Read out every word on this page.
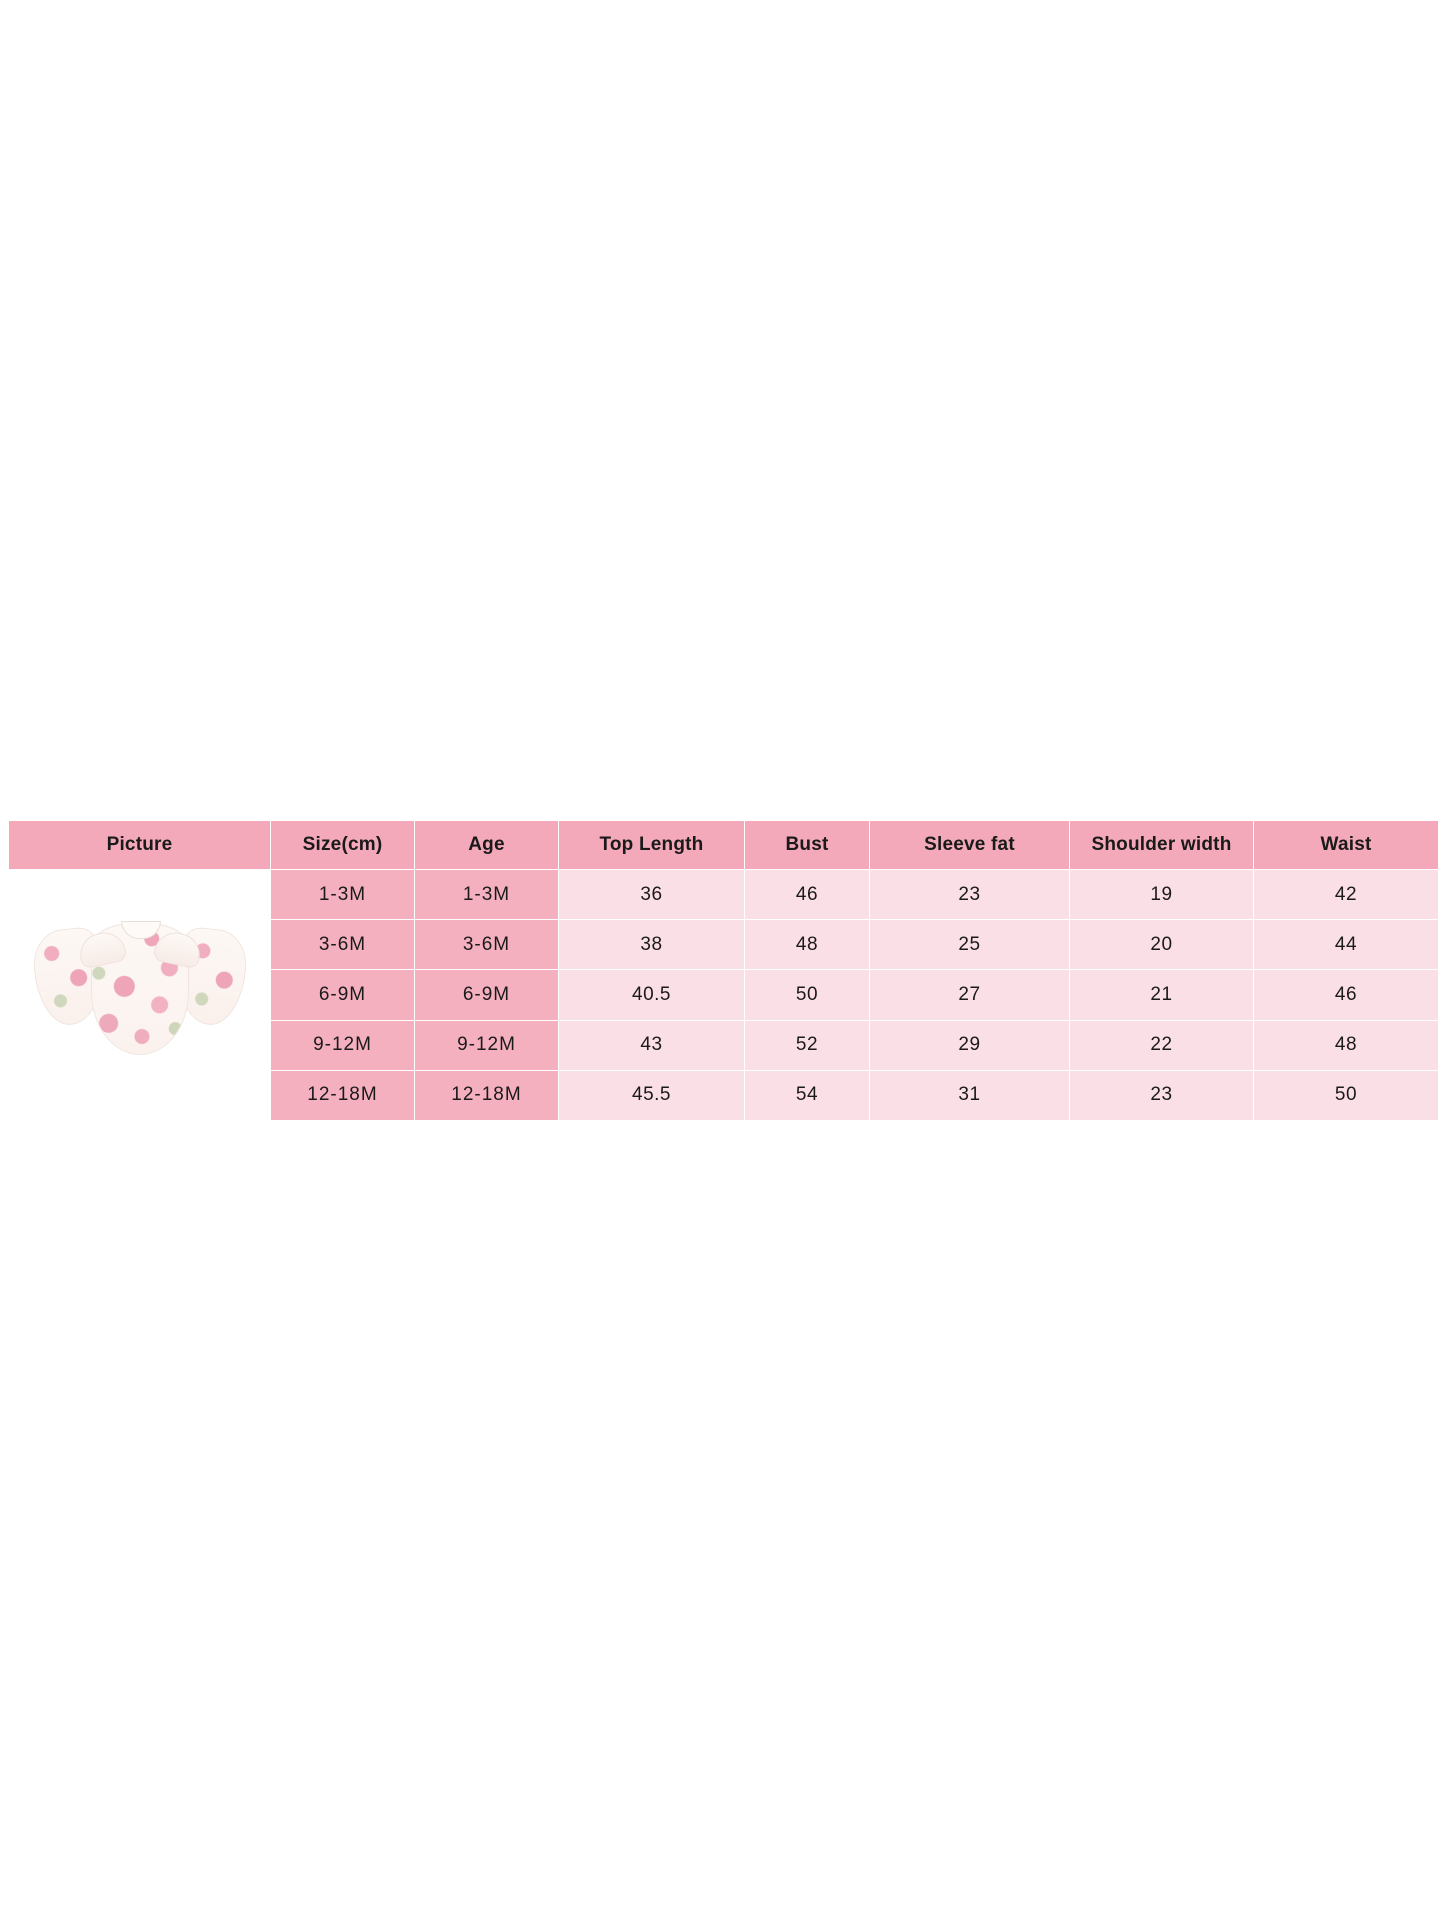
Picture	Size(cm)	Age	Top Length	Bust	Sleeve fat	Shoulder width	Waist

	1-3M	1-3M	36	46	23	19	42
	3-6M	3-6M	38	48	25	20	44
	6-9M	6-9M	40.5	50	27	21	46
	9-12M	9-12M	43	52	29	22	48
	12-18M	12-18M	45.5	54	31	23	50
